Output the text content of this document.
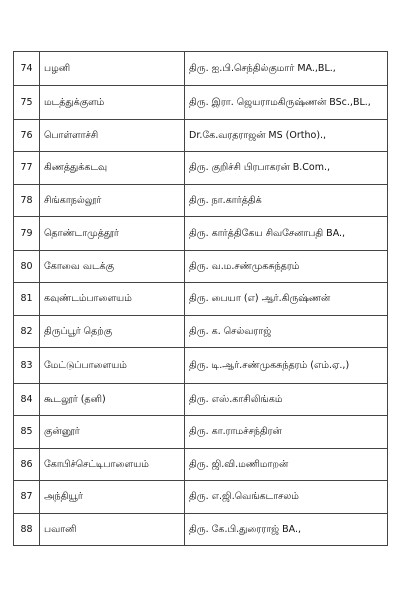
74	பழனி	திரு. ஐ.பி.செந்தில்குமார் MA.,BL.,
75	மடத்துக்குளம்	திரு. இரா. ஜெயராமகிருஷ்ணன் BSc.,BL.,
76	பொள்ளாச்சி	Dr.கே.வரதராஜன் MS (Ortho).,
77	கிணத்துக்கடவு	திரு. குறிச்சி பிரபாகரன் B.Com.,
78	சிங்காநல்லூர்	திரு. நா.கார்த்திக்
79	தொண்டாமுத்தூர்	திரு. கார்த்திகேய சிவசேனாபதி BA.,
80	கோவை வடக்கு	திரு. வ.ம.சண்முகசுந்தரம்
81	கவுண்டம்பாளையம்	திரு. பையா (எ) ஆர்.கிருஷ்ணன்
82	திருப்பூர் தெற்கு	திரு. க. செல்வராஜ்
83	மேட்டுப்பாளையம்	திரு. டி.ஆர்.சண்முகசுந்தரம் (எம்.ஏ.,)
84	கூடலூர் (தனி)	திரு. எஸ்.காசிலிங்கம்
85	குன்னூர்	திரு. கா.ராமச்சந்திரன்
86	கோபிச்செட்டிபாளையம்	திரு. ஜி.வி.மணிமாறன்
87	அந்தியூர்	திரு. எ.ஜி.வெங்கடாசலம்
88	பவானி	திரு. கே.பி.துரைராஜ் BA.,
